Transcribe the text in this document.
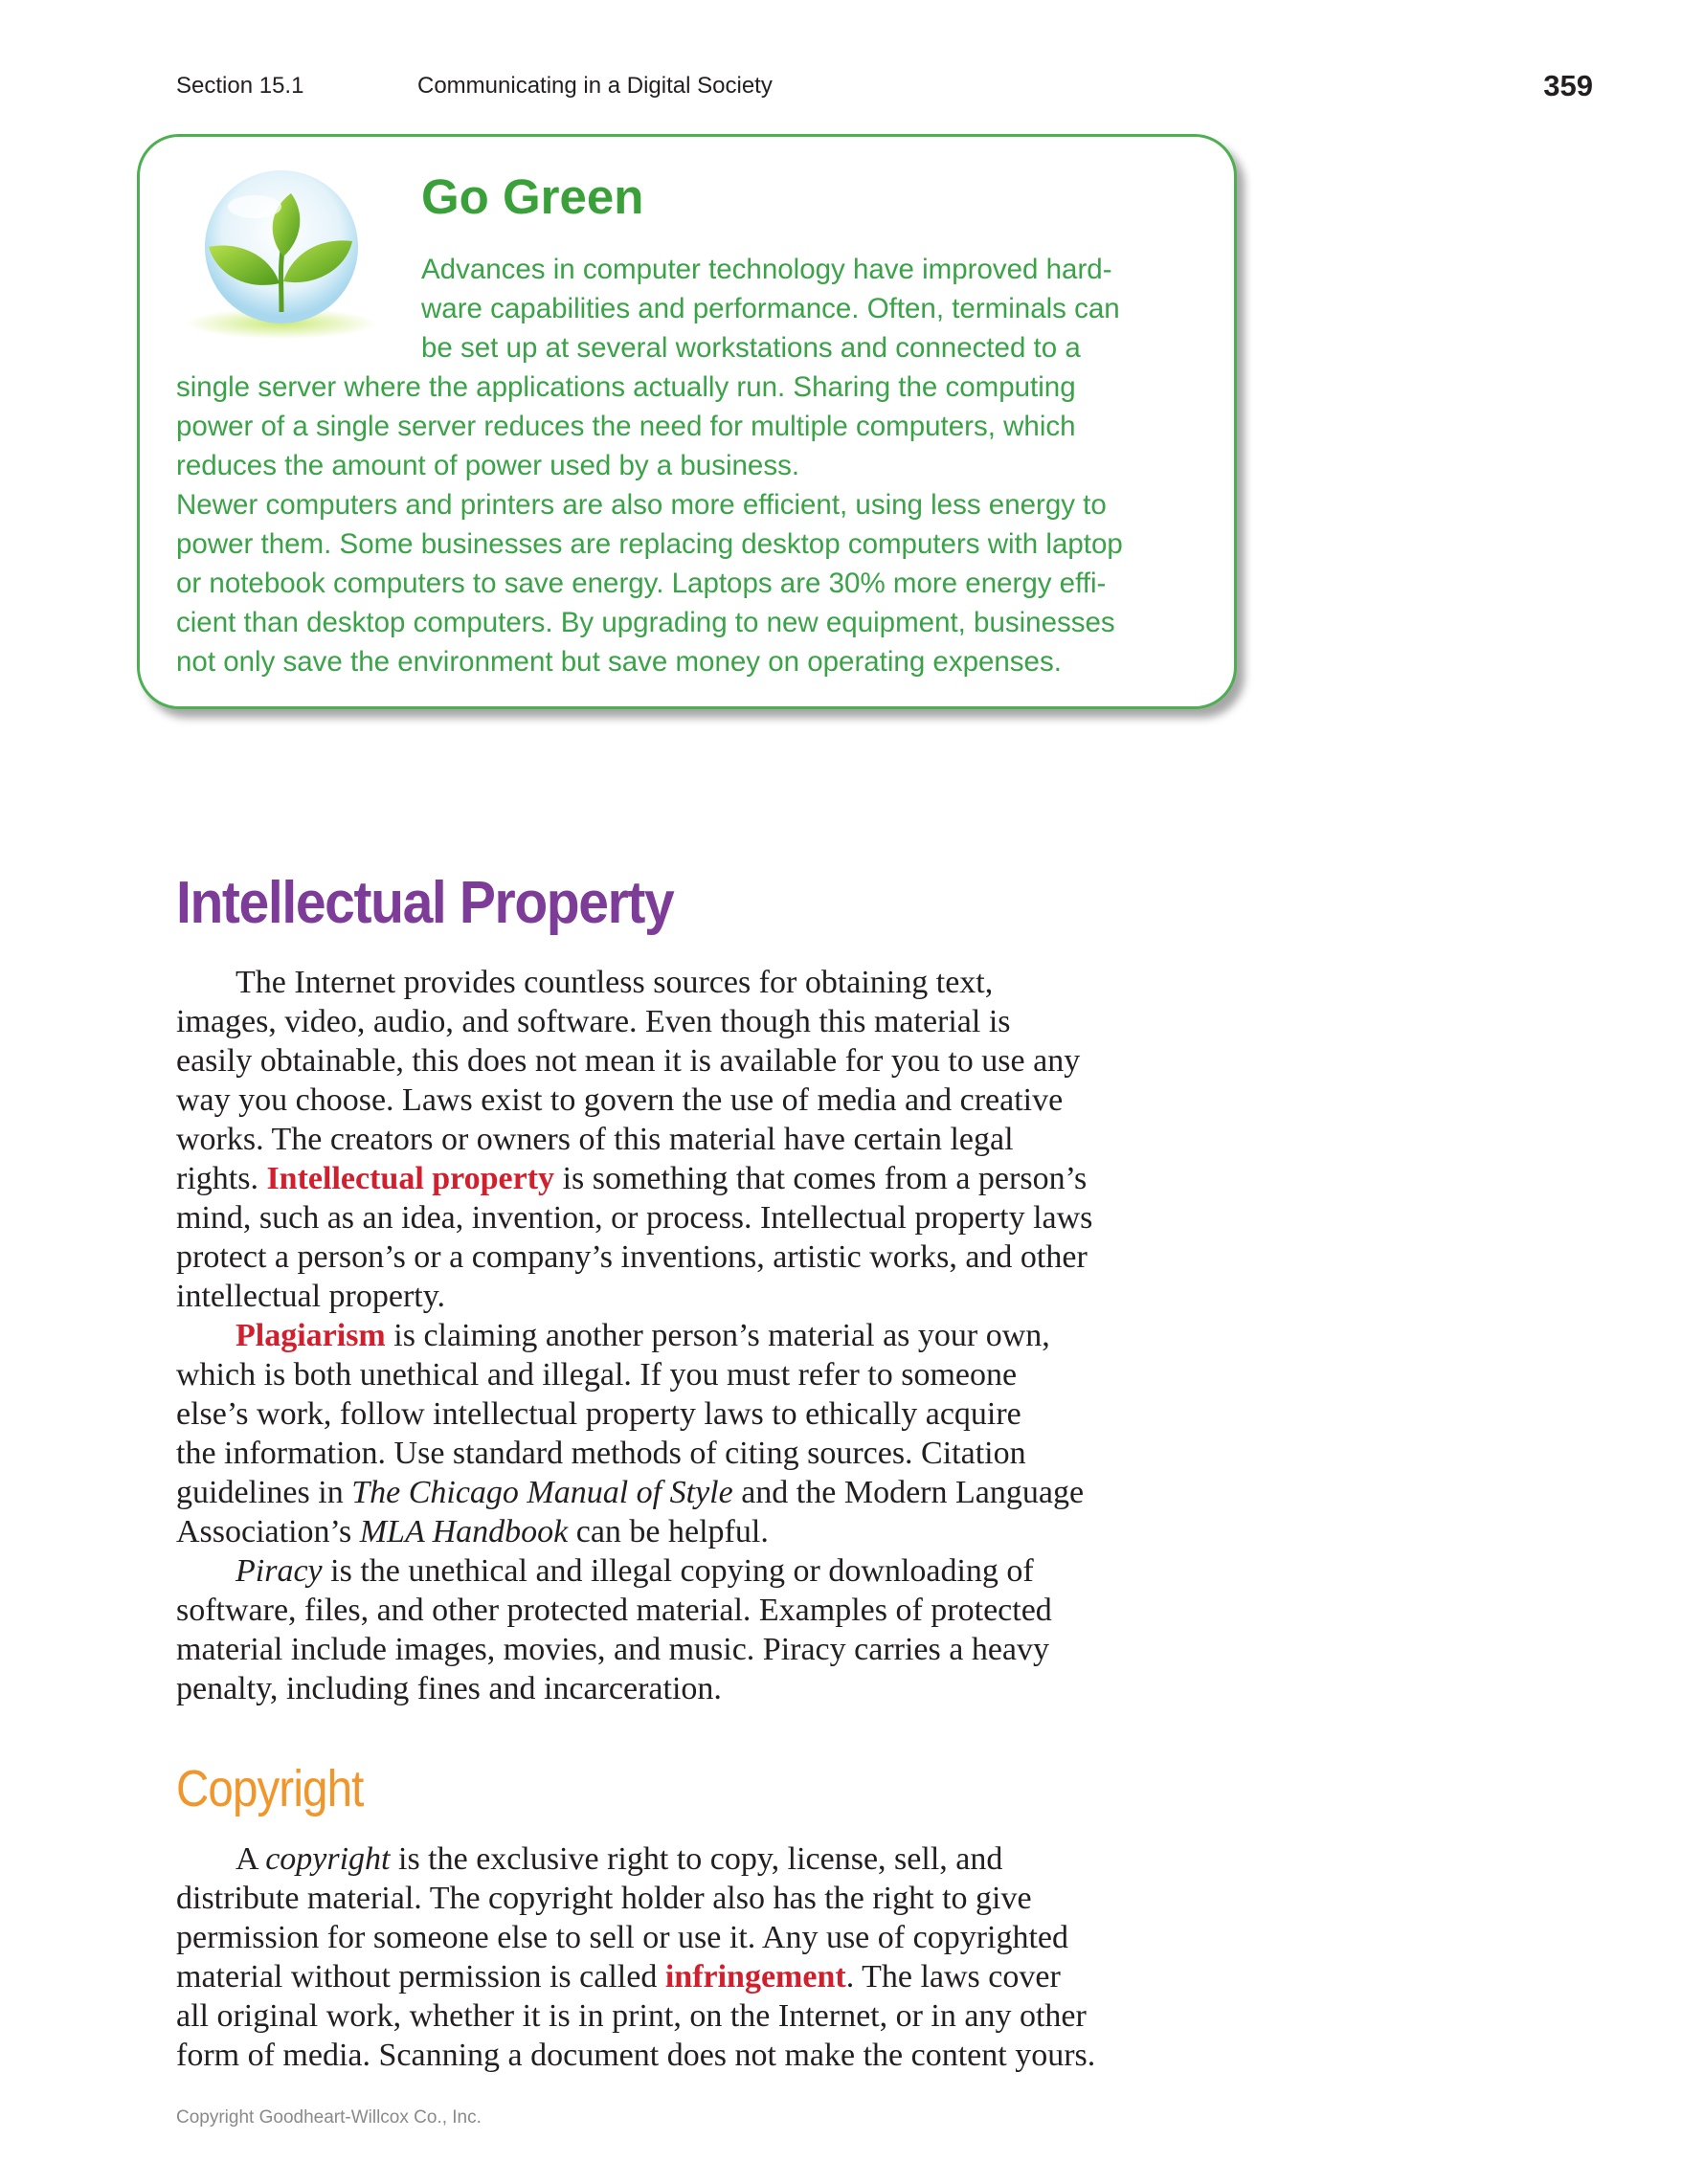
Section 15.1	Communicating in a Digital Society	359
Go Green
Advances in computer technology have improved hard-
ware capabilities and performance. Often, terminals can
be set up at several workstations and connected to a
single server where the applications actually run. Sharing the computing
power of a single server reduces the need for multiple computers, which
reduces the amount of power used by a business.
Newer computers and printers are also more efficient, using less energy to
power them. Some businesses are replacing desktop computers with laptop
or notebook computers to save energy. Laptops are 30% more energy effi-
cient than desktop computers. By upgrading to new equipment, businesses
not only save the environment but save money on operating expenses.
Intellectual Property
The Internet provides countless sources for obtaining text,
images, video, audio, and software. Even though this material is
easily obtainable, this does not mean it is available for you to use any
way you choose. Laws exist to govern the use of media and creative
works. The creators or owners of this material have certain legal
rights. Intellectual property is something that comes from a person’s
mind, such as an idea, invention, or process. Intellectual property laws
protect a person’s or a company’s inventions, artistic works, and other
intellectual property.
Plagiarism is claiming another person’s material as your own,
which is both unethical and illegal. If you must refer to someone
else’s work, follow intellectual property laws to ethically acquire
the information. Use standard methods of citing sources. Citation
guidelines in The Chicago Manual of Style and the Modern Language
Association’s MLA Handbook can be helpful.
Piracy is the unethical and illegal copying or downloading of
software, files, and other protected material. Examples of protected
material include images, movies, and music. Piracy carries a heavy
penalty, including fines and incarceration.
Copyright
A copyright is the exclusive right to copy, license, sell, and
distribute material. The copyright holder also has the right to give
permission for someone else to sell or use it. Any use of copyrighted
material without permission is called infringement. The laws cover
all original work, whether it is in print, on the Internet, or in any other
form of media. Scanning a document does not make the content yours.
Copyright Goodheart-Willcox Co., Inc.
